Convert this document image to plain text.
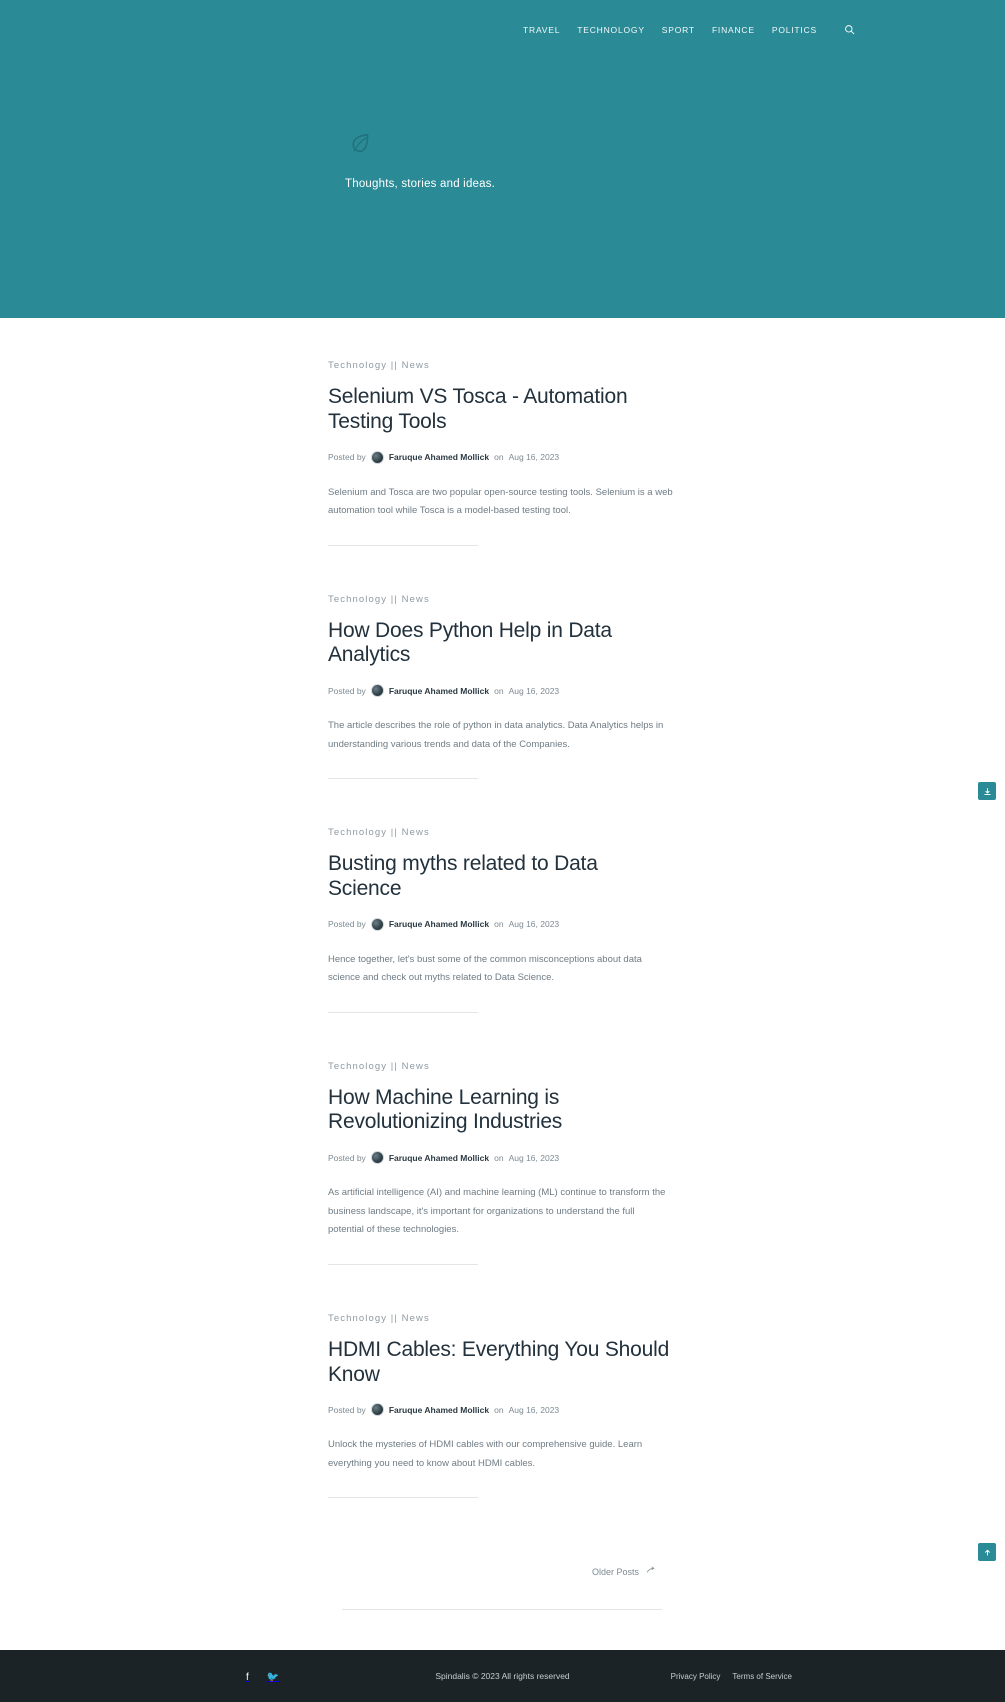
TRAVEL TECHNOLOGY SPORT FINANCE POLITICS
Thoughts, stories and ideas.
Technology || News
Selenium VS Tosca - Automation Testing Tools
Posted by	Faruque Ahamed Mollick on Aug 16, 2023

Selenium and Tosca are two popular open-source testing tools. Selenium is a web automation tool while Tosca is a model-based testing tool.

Technology || News
How Does Python Help in Data Analytics
Posted by	Faruque Ahamed Mollick on Aug 16, 2023

The article describes the role of python in data analytics. Data Analytics helps in understanding various trends and data of the Companies.

Technology || News
Busting myths related to Data Science
Posted by	Faruque Ahamed Mollick on Aug 16, 2023

Hence together, let's bust some of the common misconceptions about data science and check out myths related to Data Science.

Technology || News
How Machine Learning is Revolutionizing Industries
Posted by	Faruque Ahamed Mollick on Aug 16, 2023

As artificial intelligence (AI) and machine learning (ML) continue to transform the business landscape, it's important for organizations to understand the full potential of these technologies.

Technology || News
HDMI Cables: Everything You Should Know
Posted by	Faruque Ahamed Mollick on Aug 16, 2023

Unlock the mysteries of HDMI cables with our comprehensive guide. Learn everything you need to know about HDMI cables.

Older Posts
f 🐦	Spindalis © 2023 All rights reserved	Privacy Policy Terms of Service
